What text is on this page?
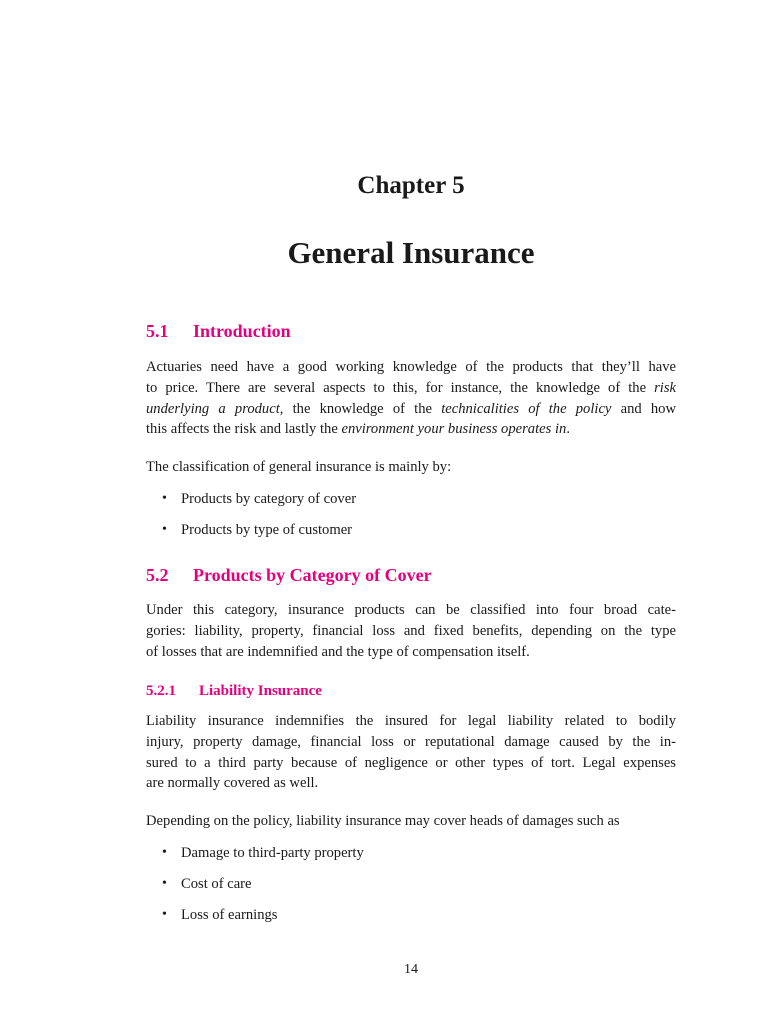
Chapter 5
General Insurance
5.1 Introduction
Actuaries need have a good working knowledge of the products that they’ll have
to price. There are several aspects to this, for instance, the knowledge of the risk
underlying a product, the knowledge of the technicalities of the policy and how
this affects the risk and lastly the environment your business operates in.
The classification of general insurance is mainly by:
• Products by category of cover
• Products by type of customer
5.2 Products by Category of Cover
Under this category, insurance products can be classified into four broad cate-
gories: liability, property, financial loss and fixed benefits, depending on the type
of losses that are indemnified and the type of compensation itself.
5.2.1 Liability Insurance
Liability insurance indemnifies the insured for legal liability related to bodily
injury, property damage, financial loss or reputational damage caused by the in-
sured to a third party because of negligence or other types of tort. Legal expenses
are normally covered as well.
Depending on the policy, liability insurance may cover heads of damages such as
• Damage to third-party property
• Cost of care
• Loss of earnings
14
